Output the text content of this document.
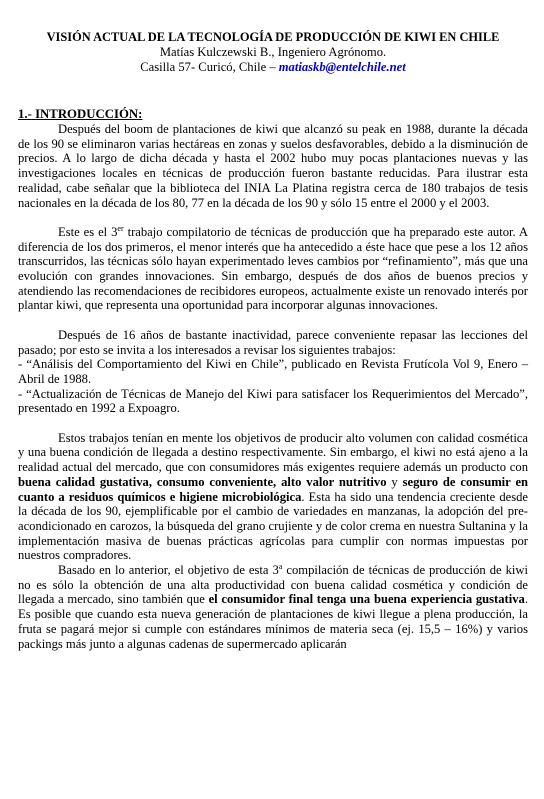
VISIÓN ACTUAL DE LA TECNOLOGÍA DE PRODUCCIÓN DE KIWI EN CHILE

Matías Kulczewski B., Ingeniero Agrónomo.

Casilla 57- Curicó, Chile – matiaskb@entelchile.net

1.- INTRODUCCIÓN:

Después del boom de plantaciones de kiwi que alcanzó su peak en 1988, durante la década de los 90 se eliminaron varias hectáreas en zonas y suelos desfavorables, debido a la disminución de precios. A lo largo de dicha década y hasta el 2002 hubo muy pocas plantaciones nuevas y las investigaciones locales en técnicas de producción fueron bastante reducidas. Para ilustrar esta realidad, cabe señalar que la biblioteca del INIA La Platina registra cerca de 180 trabajos de tesis nacionales en la década de los 80, 77 en la década de los 90 y sólo 15 entre el 2000 y el 2003.

Este es el 3er trabajo compilatorio de técnicas de producción que ha preparado este autor. A diferencia de los dos primeros, el menor interés que ha antecedido a éste hace que pese a los 12 años transcurridos, las técnicas sólo hayan experimentado leves cambios por “refinamiento”, más que una evolución con grandes innovaciones. Sin embargo, después de dos años de buenos precios y atendiendo las recomendaciones de recibidores europeos, actualmente existe un renovado interés por plantar kiwi, que representa una oportunidad para incorporar algunas innovaciones.

Después de 16 años de bastante inactividad, parece conveniente repasar las lecciones del pasado; por esto se invita a los interesados a revisar los siguientes trabajos:

- “Análisis del Comportamiento del Kiwi en Chile”, publicado en Revista Frutícola Vol 9, Enero – Abril de 1988.

- “Actualización de Técnicas de Manejo del Kiwi para satisfacer los Requerimientos del Mercado”, presentado en 1992 a Expoagro.

Estos trabajos tenían en mente los objetivos de producir alto volumen con calidad cosmética y una buena condición de llegada a destino respectivamente. Sin embargo, el kiwi no está ajeno a la realidad actual del mercado, que con consumidores más exigentes requiere además un producto con buena calidad gustativa, consumo conveniente, alto valor nutritivo y seguro de consumir en cuanto a residuos químicos e higiene microbiológica. Esta ha sido una tendencia creciente desde la década de los 90, ejemplificable por el cambio de variedades en manzanas, la adopción del pre-acondicionado en carozos, la búsqueda del grano crujiente y de color crema en nuestra Sultanina y la implementación masiva de buenas prácticas agrícolas para cumplir con normas impuestas por nuestros compradores.

Basado en lo anterior, el objetivo de esta 3$^a$ compilación de técnicas de producción de kiwi no es sólo la obtención de una alta productividad con buena calidad cosmética y condición de llegada a mercado, sino también que el consumidor final tenga una buena experiencia gustativa. Es posible que cuando esta nueva generación de plantaciones de kiwi llegue a plena producción, la fruta se pagará mejor si cumple con estándares mínimos de materia seca (ej. 15,5 – 16%) y varios packings más junto a algunas cadenas de supermercado aplicarán
